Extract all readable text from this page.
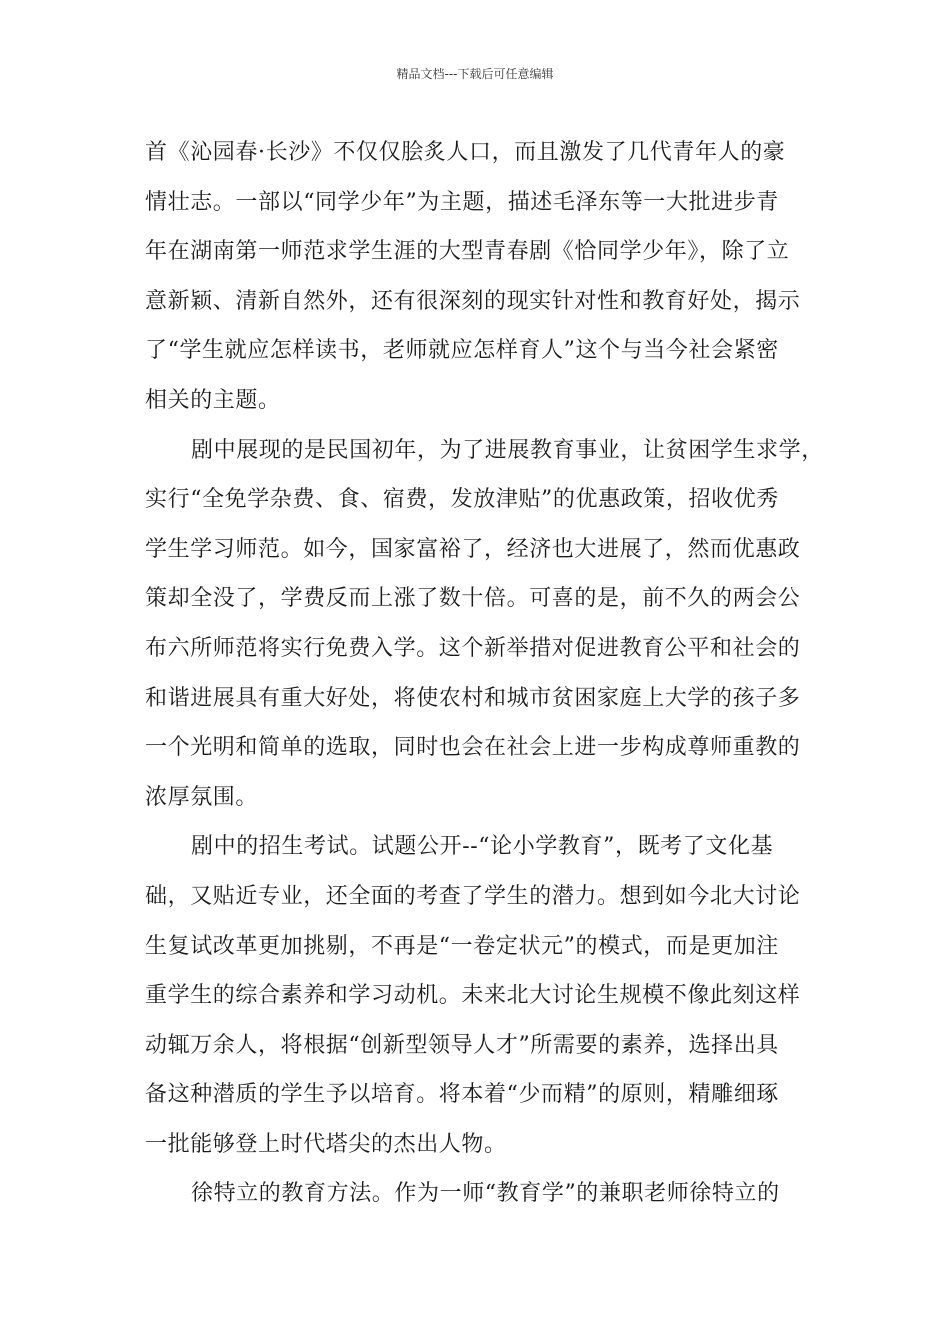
精品文档---下载后可任意编辑
首《沁园春·长沙》不仅仅脍炙人口，而且激发了几代青年人的豪
情壮志。一部以“同学少年”为主题，描述毛泽东等一大批进步青
年在湖南第一师范求学生涯的大型青春剧《恰同学少年》，除了立
意新颖、清新自然外，还有很深刻的现实针对性和教育好处，揭示
了“学生就应怎样读书，老师就应怎样育人”这个与当今社会紧密
相关的主题。
剧中展现的是民国初年，为了进展教育事业，让贫困学生求学，
实行“全免学杂费、食、宿费，发放津贴”的优惠政策，招收优秀
学生学习师范。如今，国家富裕了，经济也大进展了，然而优惠政
策却全没了，学费反而上涨了数十倍。可喜的是，前不久的两会公
布六所师范将实行免费入学。这个新举措对促进教育公平和社会的
和谐进展具有重大好处，将使农村和城市贫困家庭上大学的孩子多
一个光明和简单的选取，同时也会在社会上进一步构成尊师重教的
浓厚氛围。
剧中的招生考试。试题公开--“论小学教育”，既考了文化基
础，又贴近专业，还全面的考查了学生的潜力。想到如今北大讨论
生复试改革更加挑剔，不再是“一卷定状元”的模式，而是更加注
重学生的综合素养和学习动机。未来北大讨论生规模不像此刻这样
动辄万余人，将根据“创新型领导人才”所需要的素养，选择出具
备这种潜质的学生予以培育。将本着“少而精”的原则，精雕细琢
一批能够登上时代塔尖的杰出人物。
徐特立的教育方法。作为一师“教育学”的兼职老师徐特立的
